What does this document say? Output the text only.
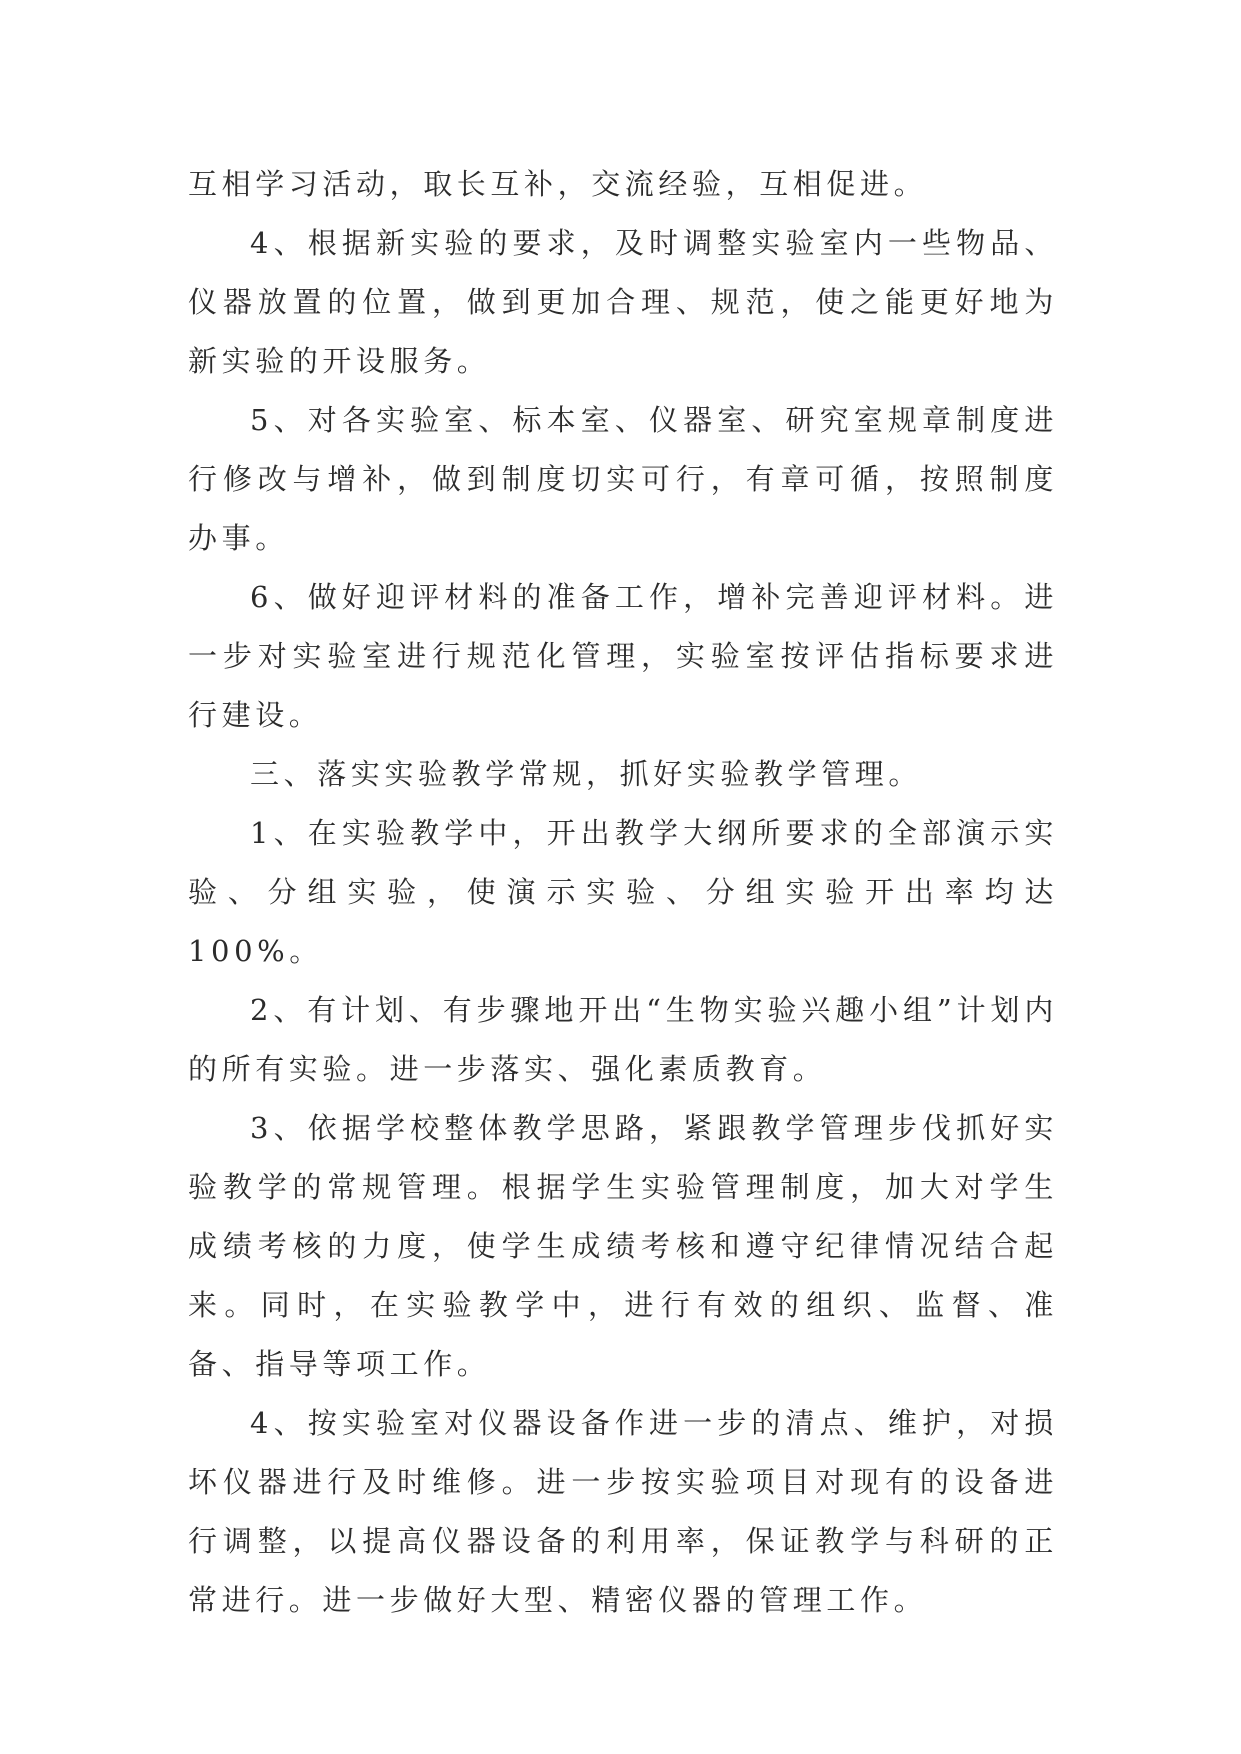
互相学习活动，取长互补，交流经验，互相促进。

4、根据新实验的要求，及时调整实验室内一些物品、仪器放置的位置，做到更加合理、规范，使之能更好地为新实验的开设服务。

5、对各实验室、标本室、仪器室、研究室规章制度进行修改与增补，做到制度切实可行，有章可循，按照制度办事。

6、做好迎评材料的准备工作，增补完善迎评材料。进一步对实验室进行规范化管理，实验室按评估指标要求进行建设。

三、落实实验教学常规，抓好实验教学管理。

1、在实验教学中，开出教学大纲所要求的全部演示实验、分组实验，使演示实验、分组实验开出率均达100%。

2、有计划、有步骤地开出“生物实验兴趣小组”计划内的所有实验。进一步落实、强化素质教育。

3、依据学校整体教学思路，紧跟教学管理步伐抓好实验教学的常规管理。根据学生实验管理制度，加大对学生成绩考核的力度，使学生成绩考核和遵守纪律情况结合起来。同时，在实验教学中，进行有效的组织、监督、准备、指导等项工作。

4、按实验室对仪器设备作进一步的清点、维护，对损坏仪器进行及时维修。进一步按实验项目对现有的设备进行调整，以提高仪器设备的利用率，保证教学与科研的正常进行。进一步做好大型、精密仪器的管理工作。
